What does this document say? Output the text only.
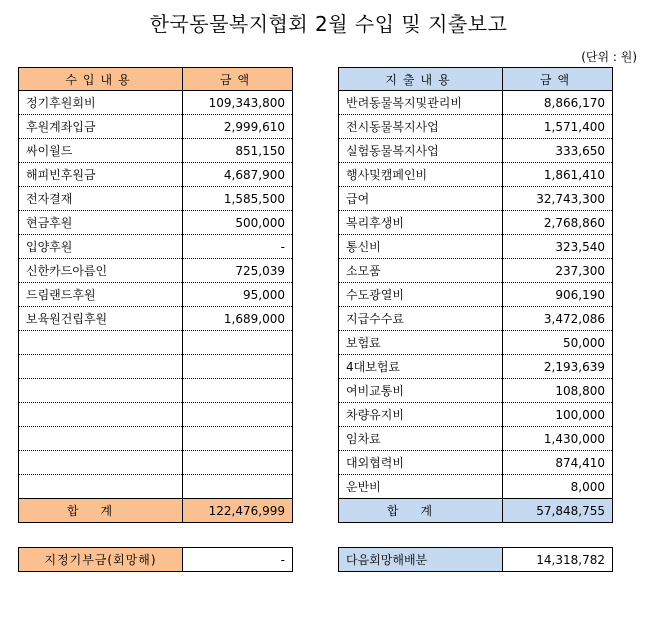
한국동물복지협회 2월 수입 및 지출보고
(단위 : 원)
수입내용	금액
정기후원회비	109,343,800
후원계좌입금	2,999,610
싸이월드	851,150
해피빈후원금	4,687,900
전자결재	1,585,500
현금후원	500,000
입양후원	-
신한카드아름인	725,039
드림랜드후원	95,000
보육원건립후원	1,689,000

합계	122,476,999
지출내용	금액
반려동물복지및관리비	8,866,170
전시동물복지사업	1,571,400
실험동물복지사업	333,650
행사및캠페인비	1,861,410
급여	32,743,300
복리후생비	2,768,860
통신비	323,540
소모품	237,300
수도광열비	906,190
지급수수료	3,472,086
보험료	50,000
4대보험료	2,193,639
여비교통비	108,800
차량유지비	100,000
임차료	1,430,000
대외협력비	874,410
운반비	8,000
합계	57,848,755
지정기부금(회망해)	-	다음회망해배분	14,318,782
